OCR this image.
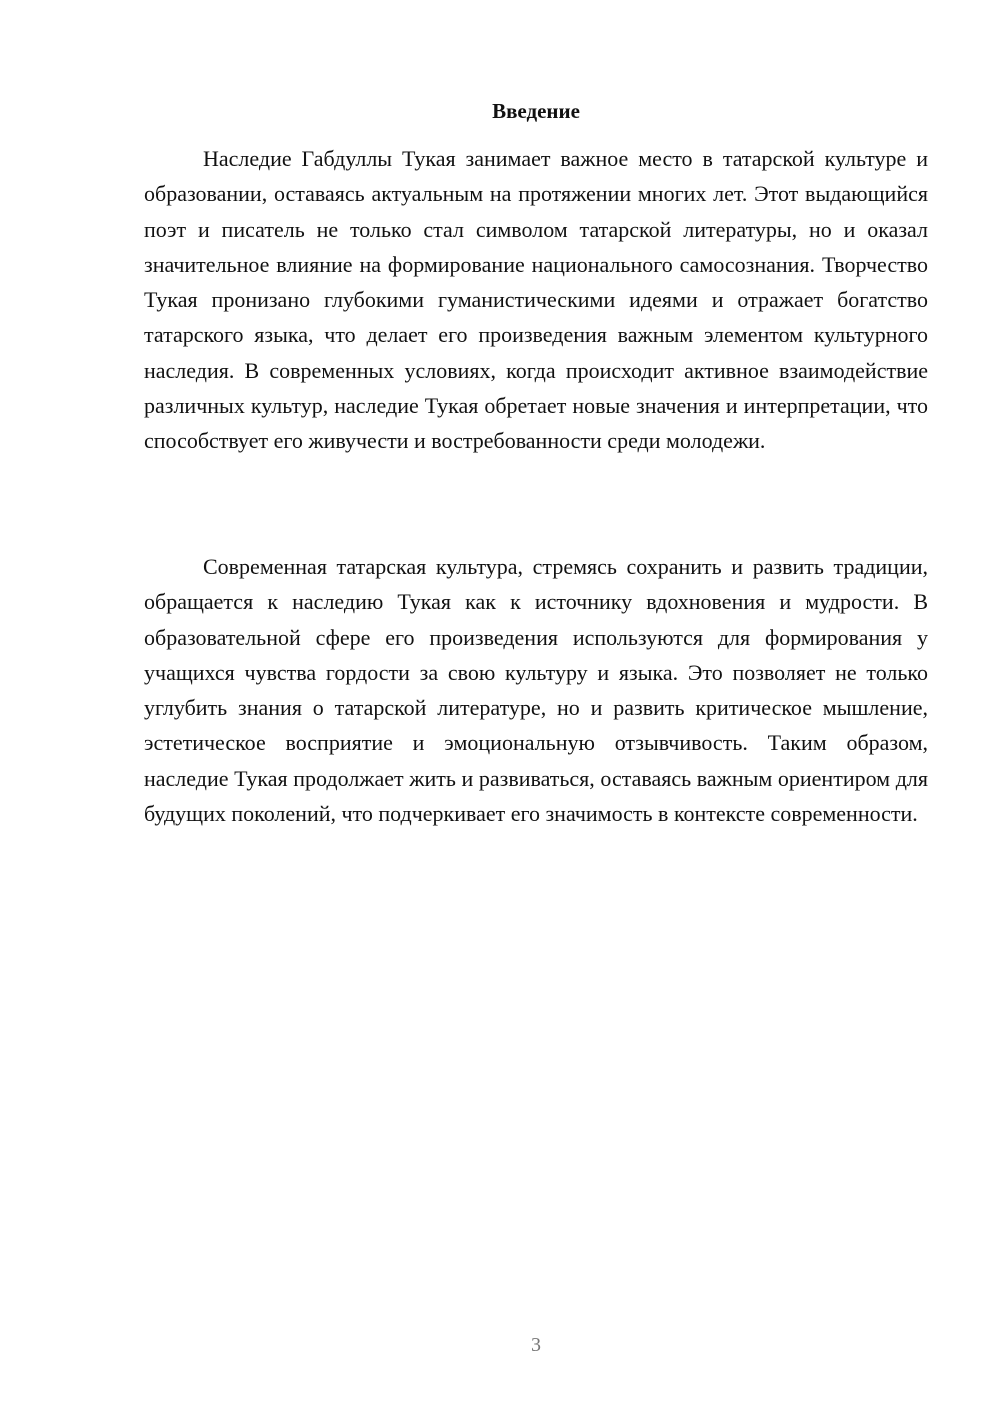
Введение

Наследие Габдуллы Тукая занимает важное место в татарской культуре и образовании, оставаясь актуальным на протяжении многих лет. Этот выдающийся поэт и писатель не только стал символом татарской литературы, но и оказал значительное влияние на формирование национального самосознания. Творчество Тукая пронизано глубокими гуманистическими идеями и отражает богатство татарского языка, что делает его произведения важным элементом культурного наследия. В современных условиях, когда происходит активное взаимодействие различных культур, наследие Тукая обретает новые значения и интерпретации, что способствует его живучести и востребованности среди молодежи.

Современная татарская культура, стремясь сохранить и развить традиции, обращается к наследию Тукая как к источнику вдохновения и мудрости. В образовательной сфере его произведения используются для формирования у учащихся чувства гордости за свою культуру и языка. Это позволяет не только углубить знания о татарской литературе, но и развить критическое мышление, эстетическое восприятие и эмоциональную отзывчивость. Таким образом, наследие Тукая продолжает жить и развиваться, оставаясь важным ориентиром для будущих поколений, что подчеркивает его значимость в контексте современности.

3
